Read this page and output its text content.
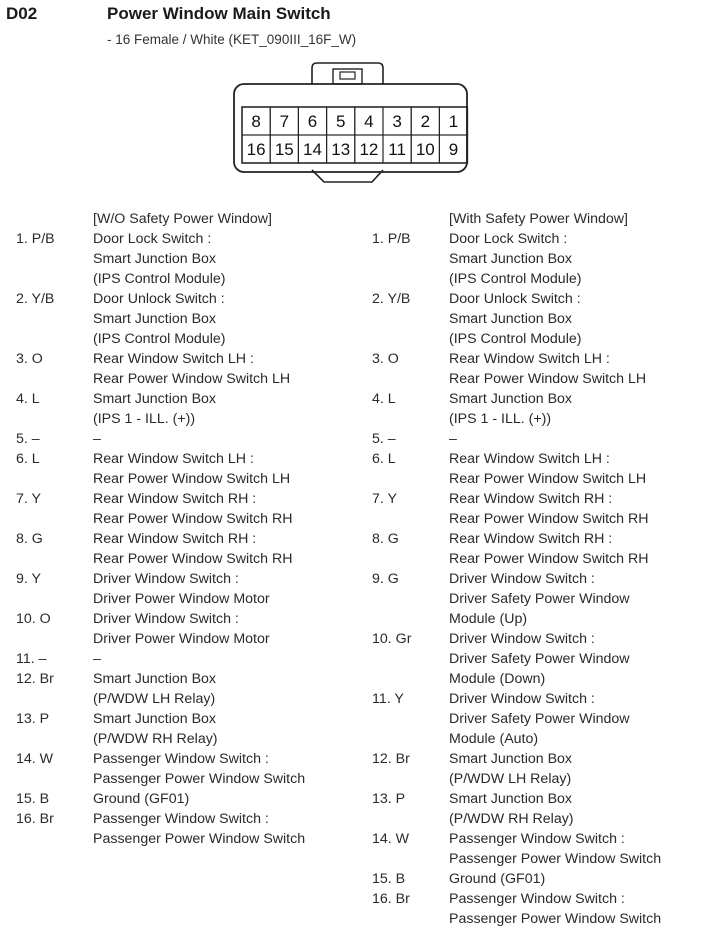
D02	Power Window Main Switch
- 16 Female / White (KET_090III_16F_W)
8 7 6 5 4 3 2 1
16 15 14 13 12 11 10 9
[W/O Safety Power Window]
1. P/B	Door Lock Switch :
Smart Junction Box
(IPS Control Module)
2. Y/B	Door Unlock Switch :
Smart Junction Box
(IPS Control Module)
3. O	Rear Window Switch LH :
Rear Power Window Switch LH
4. L	Smart Junction Box
(IPS 1 - ILL. (+))
5. –	–
6. L	Rear Window Switch LH :
Rear Power Window Switch LH
7. Y	Rear Window Switch RH :
Rear Power Window Switch RH
8. G	Rear Window Switch RH :
Rear Power Window Switch RH
9. Y	Driver Window Switch :
Driver Power Window Motor
10. O	Driver Window Switch :
Driver Power Window Motor
11. –	–
12. Br	Smart Junction Box
(P/WDW LH Relay)
13. P	Smart Junction Box
(P/WDW RH Relay)
14. W	Passenger Window Switch :
Passenger Power Window Switch
15. B	Ground (GF01)
16. Br	Passenger Window Switch :
Passenger Power Window Switch
[With Safety Power Window]
1. P/B	Door Lock Switch :
Smart Junction Box
(IPS Control Module)
2. Y/B	Door Unlock Switch :
Smart Junction Box
(IPS Control Module)
3. O	Rear Window Switch LH :
Rear Power Window Switch LH
4. L	Smart Junction Box
(IPS 1 - ILL. (+))
5. –	–
6. L	Rear Window Switch LH :
Rear Power Window Switch LH
7. Y	Rear Window Switch RH :
Rear Power Window Switch RH
8. G	Rear Window Switch RH :
Rear Power Window Switch RH
9. G	Driver Window Switch :
Driver Safety Power Window
Module (Up)
10. Gr	Driver Window Switch :
Driver Safety Power Window
Module (Down)
11. Y	Driver Window Switch :
Driver Safety Power Window
Module (Auto)
12. Br	Smart Junction Box
(P/WDW LH Relay)
13. P	Smart Junction Box
(P/WDW RH Relay)
14. W	Passenger Window Switch :
Passenger Power Window Switch
15. B	Ground (GF01)
16. Br	Passenger Window Switch :
Passenger Power Window Switch
